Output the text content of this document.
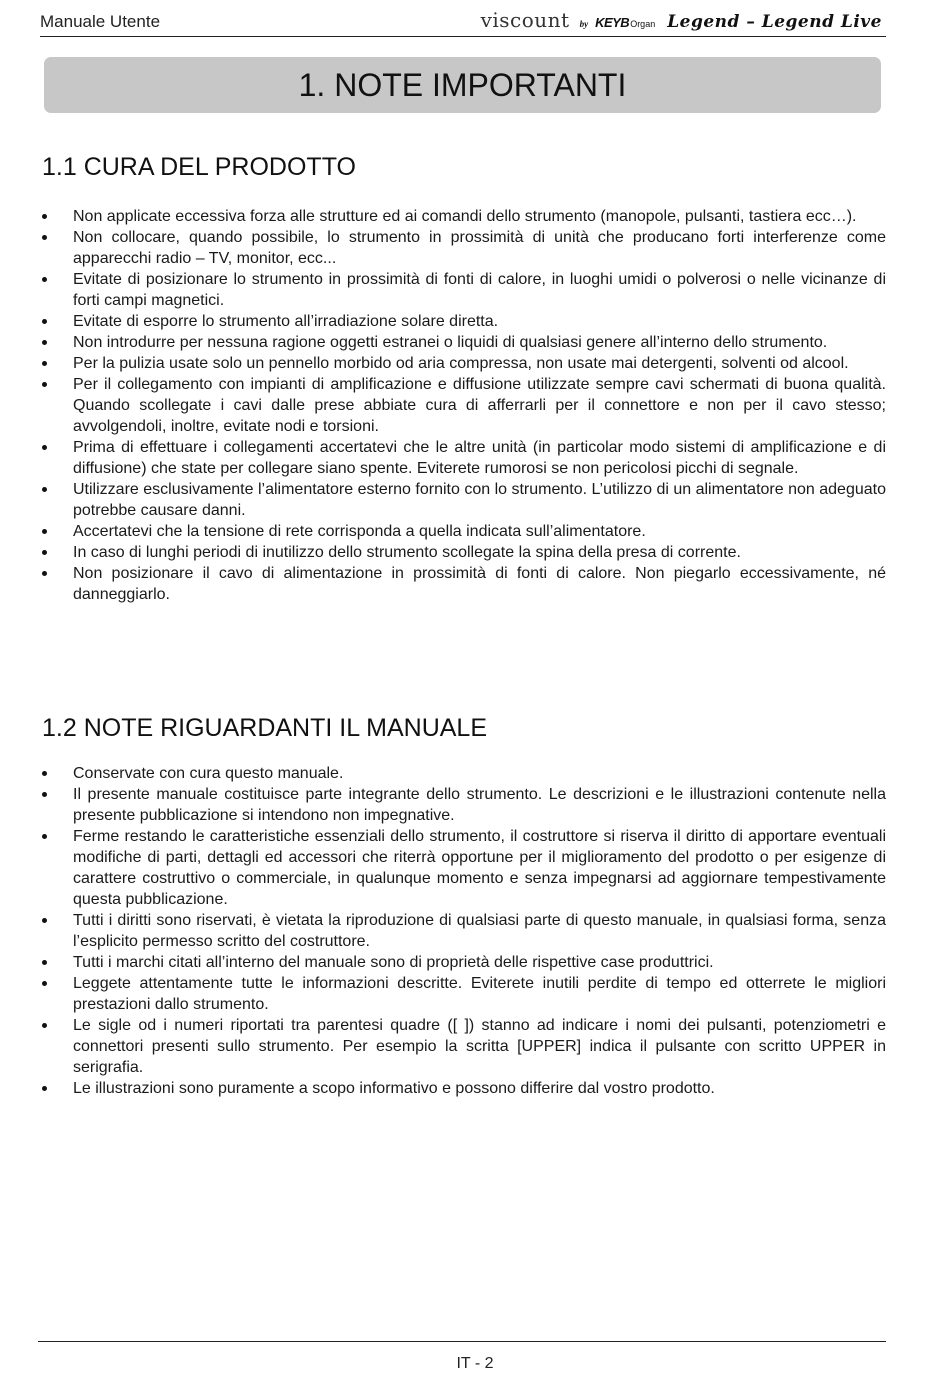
Manuale Utente	viscount by KEYB Organ Legend – Legend Live
1. NOTE IMPORTANTI
1.1 CURA DEL PRODOTTO
Non applicate eccessiva forza alle strutture ed ai comandi dello strumento (manopole, pulsanti, tastiera ecc…).
Non collocare, quando possibile, lo strumento in prossimità di unità che producano forti interferenze come apparecchi radio – TV, monitor, ecc...
Evitate di posizionare lo strumento in prossimità di fonti di calore, in luoghi umidi o polverosi o nelle vicinanze di forti campi magnetici.
Evitate di esporre lo strumento all’irradiazione solare diretta.
Non introdurre per nessuna ragione oggetti estranei o liquidi di qualsiasi genere all’interno dello strumento.
Per la pulizia usate solo un pennello morbido od aria compressa, non usate mai detergenti, solventi od alcool.
Per il collegamento con impianti di amplificazione e diffusione utilizzate sempre cavi schermati di buona qualità. Quando scollegate i cavi dalle prese abbiate cura di afferrarli per il connettore e non per il cavo stesso; avvolgendoli, inoltre, evitate nodi e torsioni.
Prima di effettuare i collegamenti accertatevi che le altre unità (in particolar modo sistemi di amplificazione e di diffusione) che state per collegare siano spente. Eviterete rumorosi se non pericolosi picchi di segnale.
Utilizzare esclusivamente l’alimentatore esterno fornito con lo strumento. L’utilizzo di un alimentatore non adeguato potrebbe causare danni.
Accertatevi che la tensione di rete corrisponda a quella indicata sull’alimentatore.
In caso di lunghi periodi di inutilizzo dello strumento scollegate la spina della presa di corrente.
Non posizionare il cavo di alimentazione in prossimità di fonti di calore. Non piegarlo eccessivamente, né danneggiarlo.
1.2 NOTE RIGUARDANTI IL MANUALE
Conservate con cura questo manuale.
Il presente manuale costituisce parte integrante dello strumento. Le descrizioni e le illustrazioni contenute nella presente pubblicazione si intendono non impegnative.
Ferme restando le caratteristiche essenziali dello strumento, il costruttore si riserva il diritto di apportare eventuali modifiche di parti, dettagli ed accessori che riterrà opportune per il miglioramento del prodotto o per esigenze di carattere costruttivo o commerciale, in qualunque momento e senza impegnarsi ad aggiornare tempestivamente questa pubblicazione.
Tutti i diritti sono riservati, è vietata la riproduzione di qualsiasi parte di questo manuale, in qualsiasi forma, senza l’esplicito permesso scritto del costruttore.
Tutti i marchi citati all’interno del manuale sono di proprietà delle rispettive case produttrici.
Leggete attentamente tutte le informazioni descritte. Eviterete inutili perdite di tempo ed otterrete le migliori prestazioni dallo strumento.
Le sigle od i numeri riportati tra parentesi quadre ([ ]) stanno ad indicare i nomi dei pulsanti, potenziometri e connettori presenti sullo strumento. Per esempio la scritta [UPPER] indica il pulsante con scritto UPPER in serigrafia.
Le illustrazioni sono puramente a scopo informativo e possono differire dal vostro prodotto.
IT - 2
